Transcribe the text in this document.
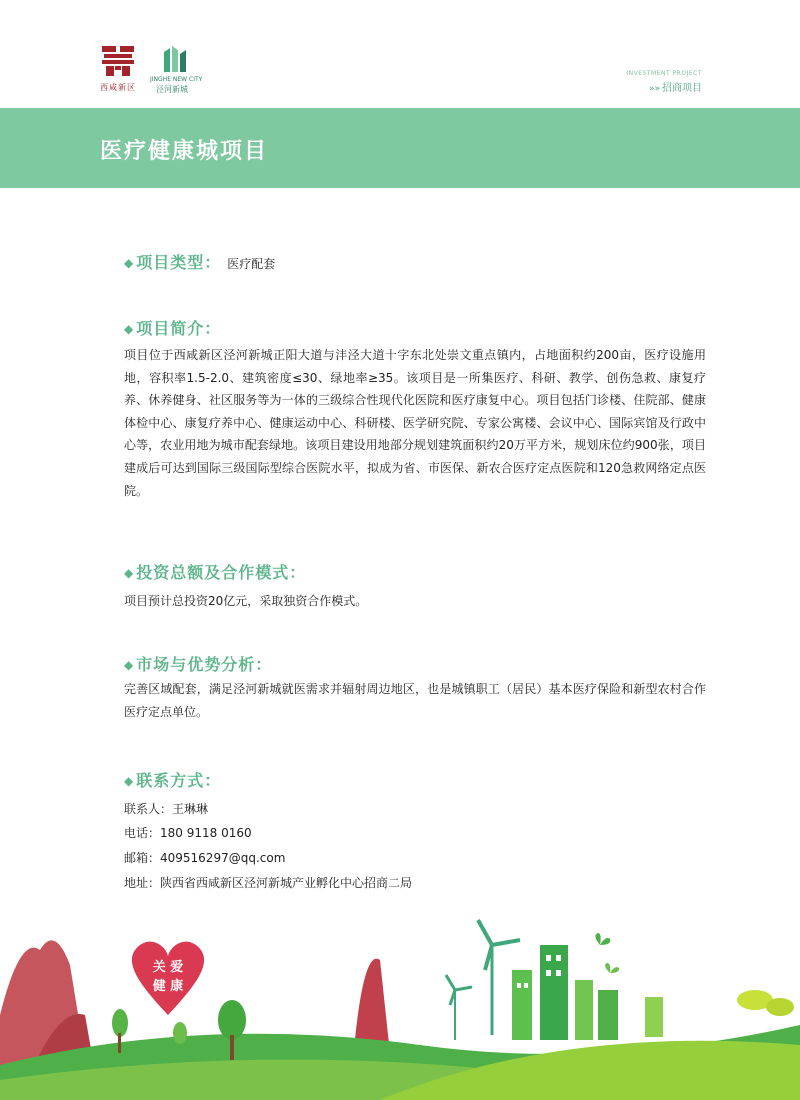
西咸新区
JINGHE NEW CITY
泾河新城
INVESTMENT PROJECT
»» 招商项目
医疗健康城项目
◆ 项目类型： 医疗配套
◆ 项目简介：
项目位于西咸新区泾河新城正阳大道与沣泾大道十字东北处崇文重点镇内，占地面积约200亩，医疗设施用地，容积率1.5-2.0、建筑密度≤30、绿地率≥35。该项目是一所集医疗、科研、教学、创伤急救、康复疗养、休养健身、社区服务等为一体的三级综合性现代化医院和医疗康复中心。项目包括门诊楼、住院部、健康体检中心、康复疗养中心、健康运动中心、科研楼、医学研究院、专家公寓楼、会议中心、国际宾馆及行政中心等，农业用地为城市配套绿地。该项目建设用地部分规划建筑面积约20万平方米，规划床位约900张，项目建成后可达到国际三级国际型综合医院水平，拟成为省、市医保、新农合医疗定点医院和120急救网络定点医院。
◆ 投资总额及合作模式：
项目预计总投资20亿元，采取独资合作模式。
◆ 市场与优势分析：
完善区域配套，满足泾河新城就医需求并辐射周边地区，也是城镇职工（居民）基本医疗保险和新型农村合作医疗定点单位。
◆ 联系方式：
联系人：王琳琳
电话：180 9118 0160
邮箱：409516297@qq.com
地址：陕西省西咸新区泾河新城产业孵化中心招商二局
关 爱
健 康
